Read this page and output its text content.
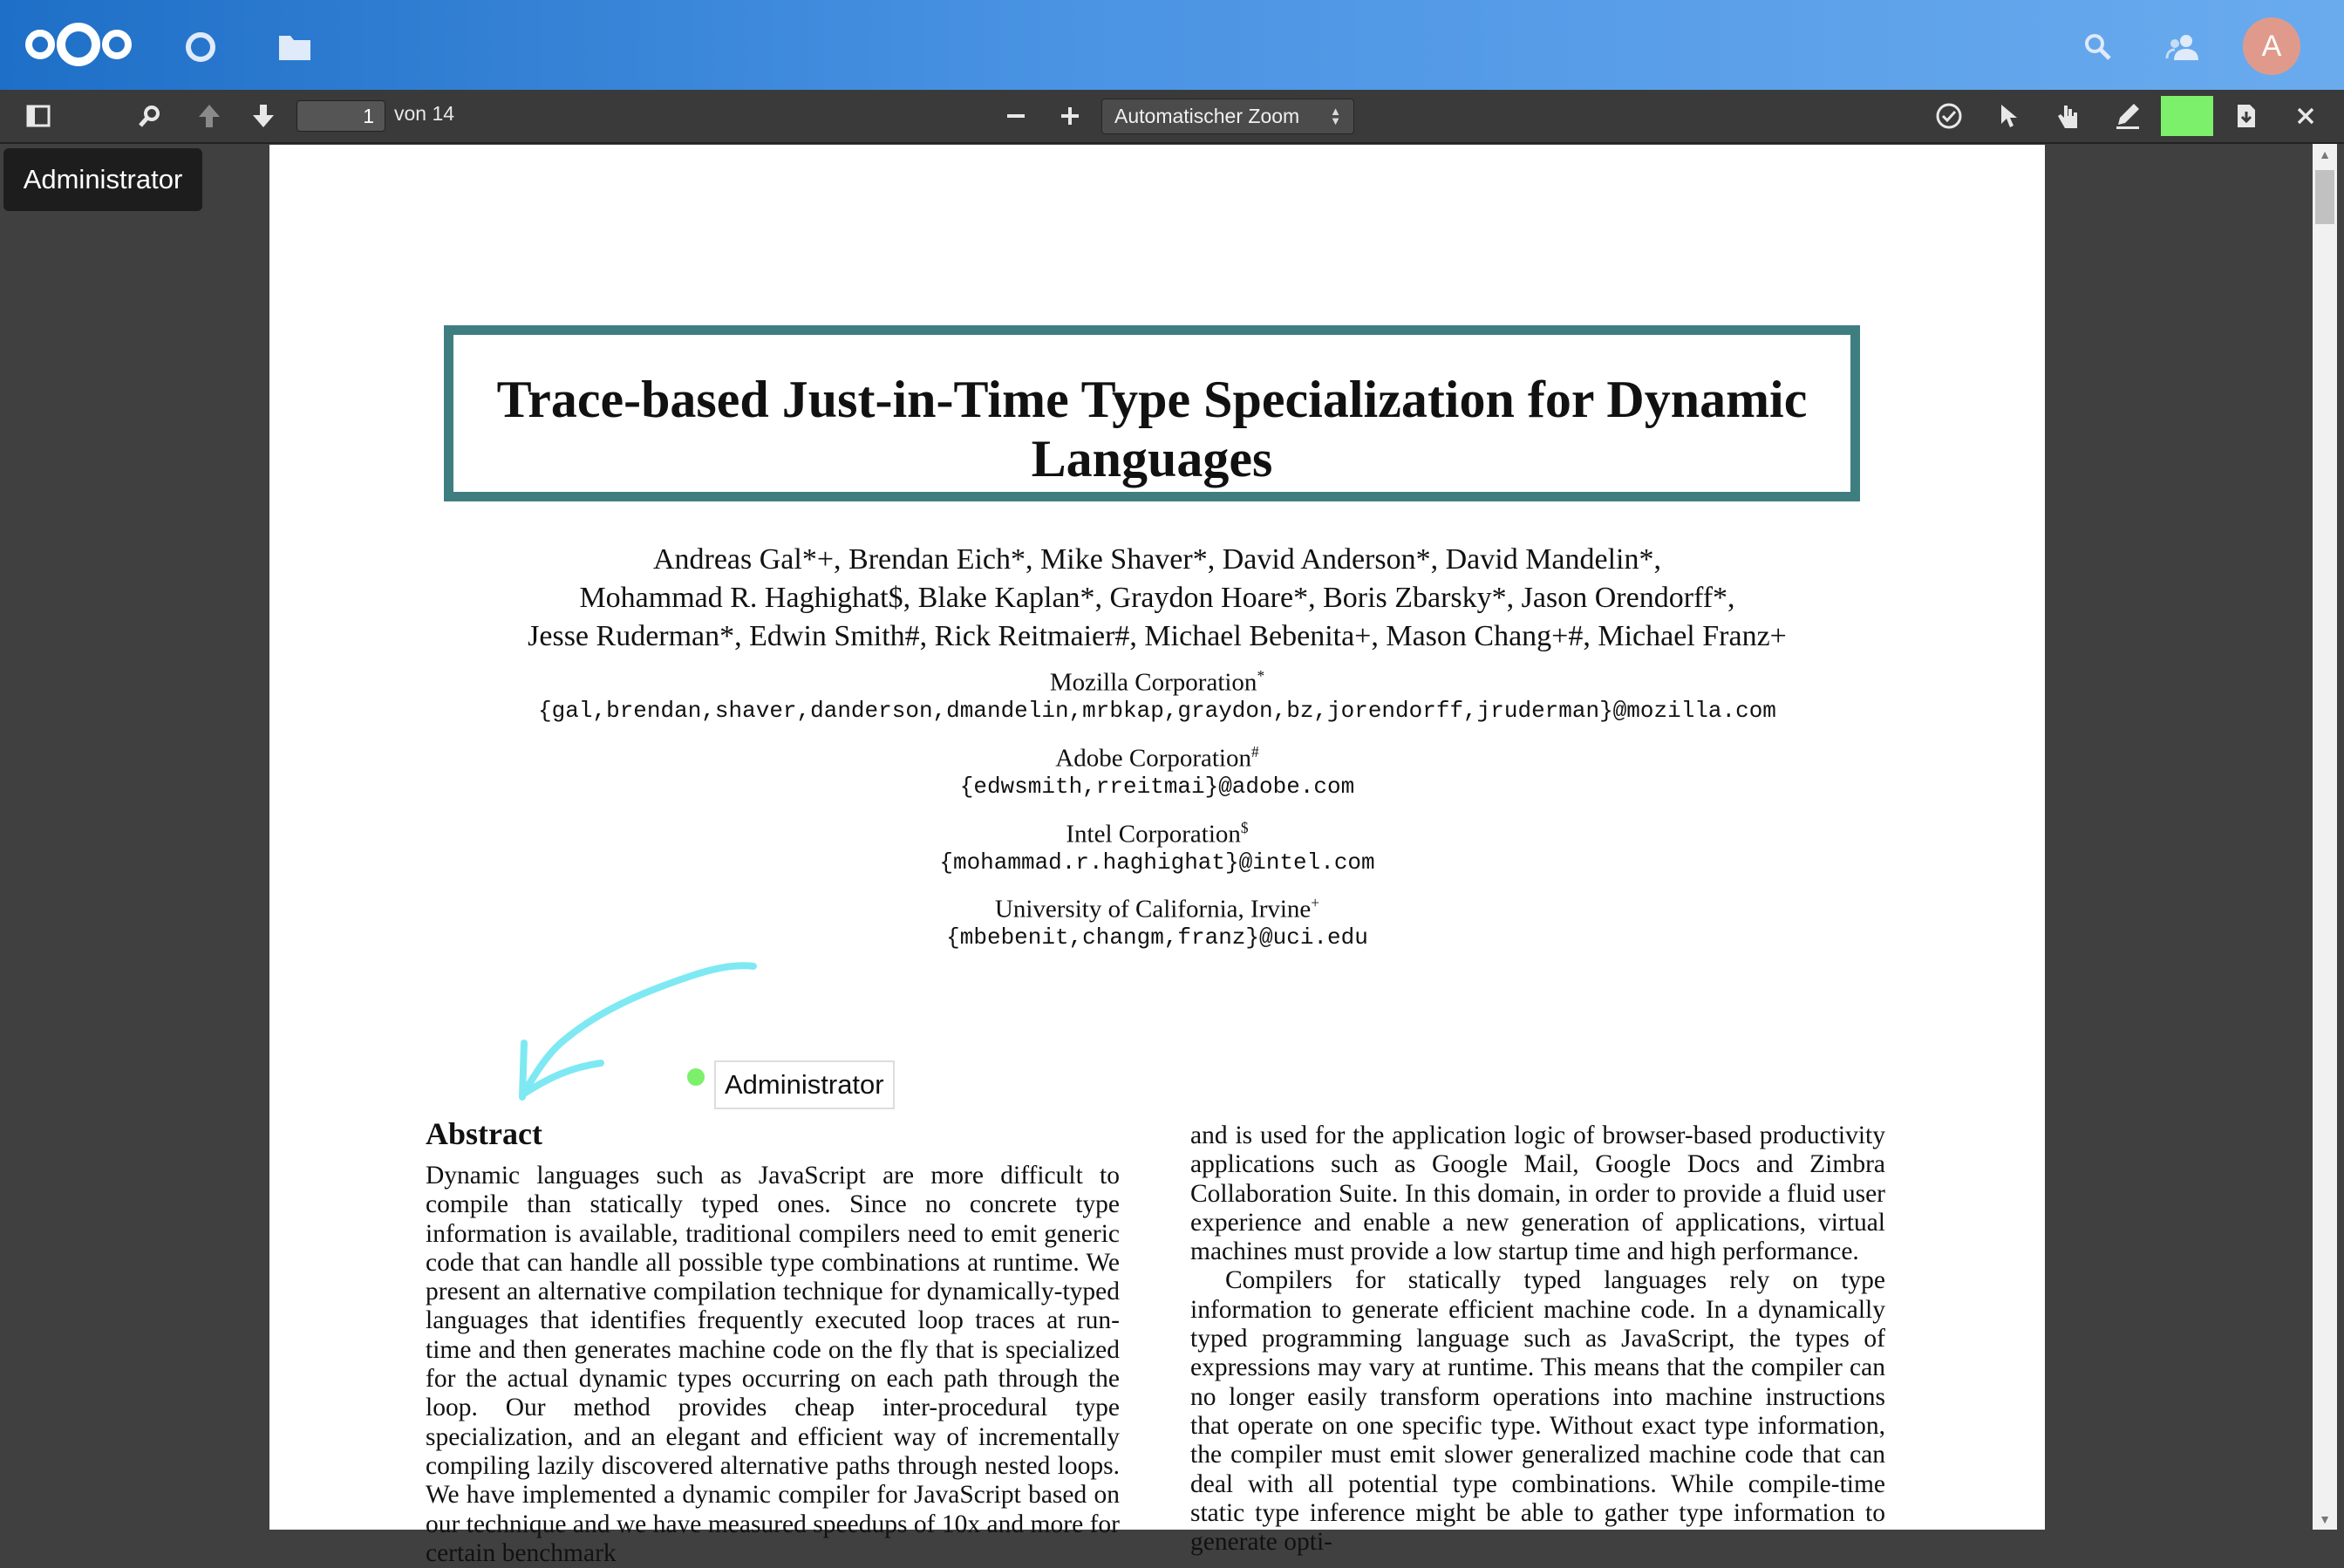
A
1
von 14	Automatischer Zoom	▲
▼
Administrator
Trace-based Just-in-Time Type Specialization for Dynamic
Languages
Andreas Gal*+, Brendan Eich*, Mike Shaver*, David Anderson*, David Mandelin*,
Mohammad R. Haghighat$, Blake Kaplan*, Graydon Hoare*, Boris Zbarsky*, Jason Orendorff*,
Jesse Ruderman*, Edwin Smith#, Rick Reitmaier#, Michael Bebenita+, Mason Chang+#, Michael Franz+
Mozilla Corporation*
{gal,brendan,shaver,danderson,dmandelin,mrbkap,graydon,bz,jorendorff,jruderman}@mozilla.com
Adobe Corporation#
{edwsmith,rreitmai}@adobe.com
Intel Corporation$
{mohammad.r.haghighat}@intel.com
University of California, Irvine+
{mbebenit,changm,franz}@uci.edu
Administrator
Abstract

Dynamic languages such as JavaScript are more difficult to compile than statically typed ones. Since no concrete type information is available, traditional compilers need to emit generic code that can handle all possible type combinations at runtime. We present an alternative compilation technique for dynamically-typed languages that identifies frequently executed loop traces at run-time and then generates machine code on the fly that is specialized for the actual dynamic types occurring on each path through the loop. Our method provides cheap inter-procedural type specialization, and an elegant and efficient way of incrementally compiling lazily discovered alternative paths through nested loops. We have implemented a dynamic compiler for JavaScript based on our technique and we have measured speedups of 10x and more for certain benchmark

and is used for the application logic of browser-based productivity applications such as Google Mail, Google Docs and Zimbra Collaboration Suite. In this domain, in order to provide a fluid user experience and enable a new generation of applications, virtual machines must provide a low startup time and high performance.

Compilers for statically typed languages rely on type information to generate efficient machine code. In a dynamically typed programming language such as JavaScript, the types of expressions may vary at runtime. This means that the compiler can no longer easily transform operations into machine instructions that operate on one specific type. Without exact type information, the compiler must emit slower generalized machine code that can deal with all potential type combinations. While compile-time static type inference might be able to gather type information to generate opti-

▲
▼
